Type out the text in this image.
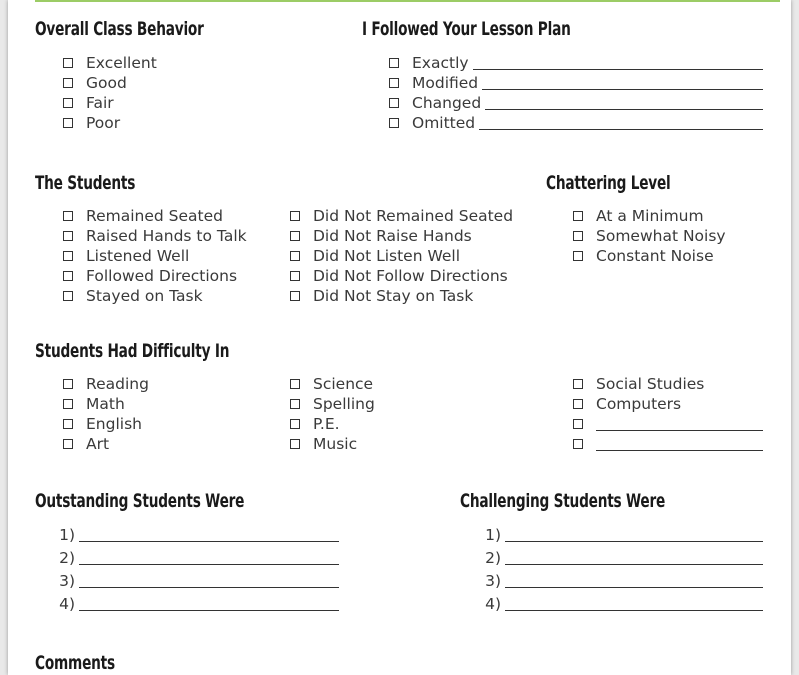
Overall Class Behavior
Excellent
Good
Fair
Poor
I Followed Your Lesson Plan
Exactly
Modified
Changed
Omitted
The Students
Remained Seated
Raised Hands to Talk
Listened Well
Followed Directions
Stayed on Task
Did Not Remained Seated
Did Not Raise Hands
Did Not Listen Well
Did Not Follow Directions
Did Not Stay on Task
Chattering Level
At a Minimum
Somewhat Noisy
Constant Noise
Students Had Difficulty In
Reading
Math
English
Art
Science
Spelling
P.E.
Music
Social Studies
Computers
Outstanding Students Were
1)
2)
3)
4)
Challenging Students Were
1)
2)
3)
4)
Comments
